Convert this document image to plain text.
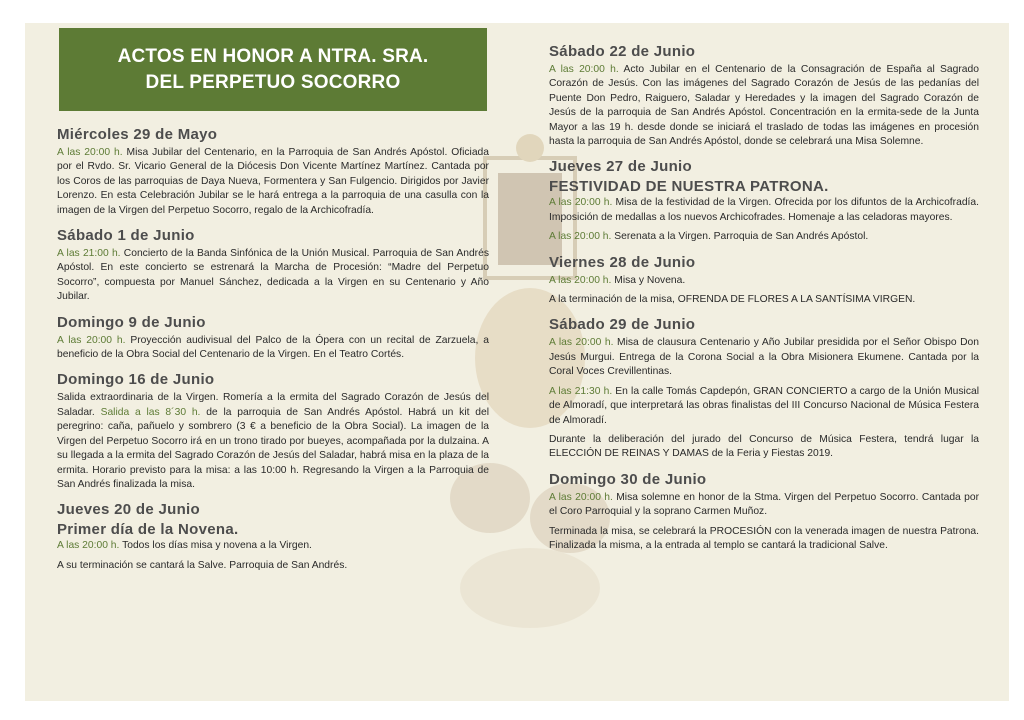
ACTOS EN HONOR A NTRA. SRA.
DEL PERPETUO SOCORRO
Miércoles 29 de Mayo

A las 20:00 h. Misa Jubilar del Centenario, en la Parroquia de San Andrés Apóstol. Oficiada por el Rvdo. Sr. Vicario General de la Diócesis Don Vicente Martínez Martínez. Cantada por los Coros de las parroquias de Daya Nueva, Formentera y San Fulgencio. Dirigidos por Javier Lorenzo. En esta Celebración Jubilar se le hará entrega a la parroquia de una casulla con la imagen de la Virgen del Perpetuo Socorro, regalo de la Archicofradía.

Sábado 1 de Junio

A las 21:00 h. Concierto de la Banda Sinfónica de la Unión Musical. Parroquia de San Andrés Apóstol. En este concierto se estrenará la Marcha de Procesión: “Madre del Perpetuo Socorro”, compuesta por Manuel Sánchez, dedicada a la Virgen en su Centenario y Año Jubilar.

Domingo 9 de Junio

A las 20:00 h. Proyección audivisual del Palco de la Ópera con un recital de Zarzuela, a beneficio de la Obra Social del Centenario de la Virgen. En el Teatro Cortés.

Domingo 16 de Junio

Salida extraordinaria de la Virgen. Romería a la ermita del Sagrado Corazón de Jesús del Saladar. Salida a las 8´30 h. de la parroquia de San Andrés Apóstol. Habrá un kit del peregrino: caña, pañuelo y sombrero (3 € a beneficio de la Obra Social). La imagen de la Virgen del Perpetuo Socorro irá en un trono tirado por bueyes, acompañada por la dulzaina. A su llegada a la ermita del Sagrado Corazón de Jesús del Saladar, habrá misa en la plaza de la ermita. Horario previsto para la misa: a las 10:00 h. Regresando la Virgen a la Parroquia de San Andrés finalizada la misa.

Jueves 20 de Junio
Primer día de la Novena.

A las 20:00 h. Todos los días misa y novena a la Virgen.

A su terminación se cantará la Salve. Parroquia de San Andrés.

Sábado 22 de Junio

A las 20:00 h. Acto Jubilar en el Centenario de la Consagración de España al Sagrado Corazón de Jesús. Con las imágenes del Sagrado Corazón de Jesús de las pedanías del Puente Don Pedro, Raiguero, Saladar y Heredades y la imagen del Sagrado Corazón de Jesús de la parroquia de San Andrés Apóstol. Concentración en la ermita-sede de la Junta Mayor a las 19 h. desde donde se iniciará el traslado de todas las imágenes en procesión hasta la parroquia de San Andrés Apóstol, donde se celebrará una Misa Solemne.

Jueves 27 de Junio
FESTIVIDAD DE NUESTRA PATRONA.

A las 20:00 h. Misa de la festividad de la Virgen. Ofrecida por los difuntos de la Archicofradía. Imposición de medallas a los nuevos Archicofrades. Homenaje a las celadoras mayores.

A las 20:00 h. Serenata a la Virgen. Parroquia de San Andrés Apóstol.

Viernes 28 de Junio

A las 20:00 h. Misa y Novena.

A la terminación de la misa, OFRENDA DE FLORES A LA SANTÍSIMA VIRGEN.

Sábado 29 de Junio

A las 20:00 h. Misa de clausura Centenario y Año Jubilar presidida por el Señor Obispo Don Jesús Murgui. Entrega de la Corona Social a la Obra Misionera Ekumene. Cantada por la Coral Voces Crevillentinas.

A las 21:30 h. En la calle Tomás Capdepón, GRAN CONCIERTO a cargo de la Unión Musical de Almoradí, que interpretará las obras finalistas del III Concurso Nacional de Música Festera de Almoradí.

Durante la deliberación del jurado del Concurso de Música Festera, tendrá lugar la ELECCIÓN DE REINAS Y DAMAS de la Feria y Fiestas 2019.

Domingo 30 de Junio

A las 20:00 h. Misa solemne en honor de la Stma. Virgen del Perpetuo Socorro. Cantada por el Coro Parroquial y la soprano Carmen Muñoz.

Terminada la misa, se celebrará la PROCESIÓN con la venerada imagen de nuestra Patrona. Finalizada la misma, a la entrada al templo se cantará la tradicional Salve.
